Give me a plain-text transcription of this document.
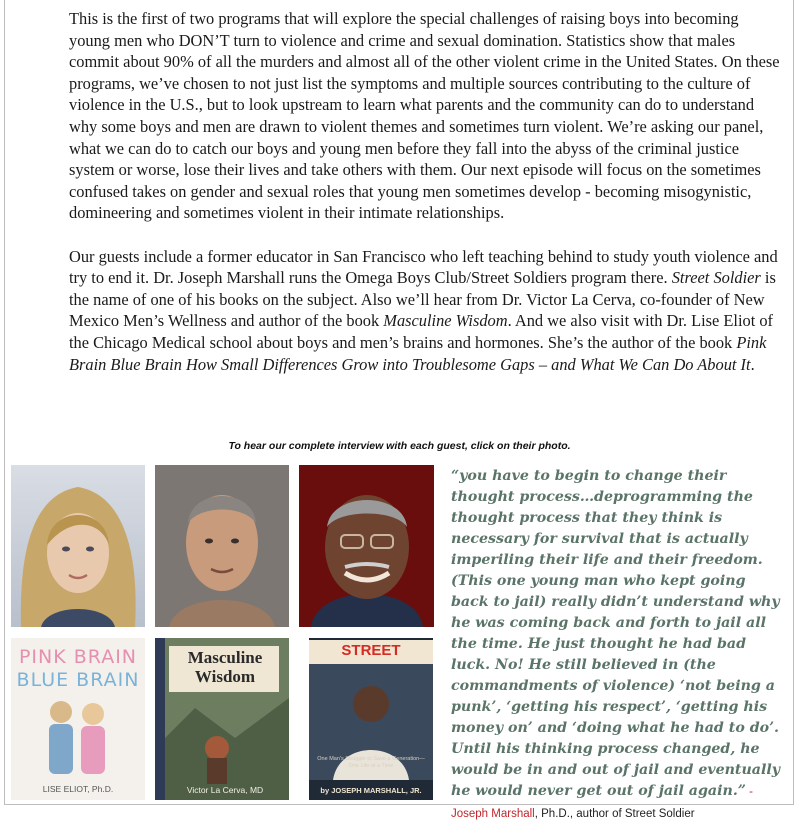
This is the first of two programs that will explore the special challenges of raising boys into becoming young men who DON’T turn to violence and crime and sexual domination. Statistics show that males commit about 90% of all the murders and almost all of the other violent crime in the United States. On these programs, we’ve chosen to not just list the symptoms and multiple sources contributing to the culture of violence in the U.S., but to look upstream to learn what parents and the community can do to understand why some boys and men are drawn to violent themes and sometimes turn violent. We’re asking our panel, what we can do to catch our boys and young men before they fall into the abyss of the criminal justice system or worse, lose their lives and take others with them. Our next episode will focus on the sometimes confused takes on gender and sexual roles that young men sometimes develop - becoming misogynistic, domineering and sometimes violent in their intimate relationships.

Our guests include a former educator in San Francisco who left teaching behind to study youth violence and try to end it. Dr. Joseph Marshall runs the Omega Boys Club/Street Soldiers program there. Street Soldier is the name of one of his books on the subject. Also we’ll hear from Dr. Victor La Cerva, co-founder of New Mexico Men’s Wellness and author of the book Masculine Wisdom. And we also visit with Dr. Lise Eliot of the Chicago Medical school about boys and men’s brains and hormones. She’s the author of the book Pink Brain Blue Brain How Small Differences Grow into Troublesome Gaps – and What We Can Do About It.

To hear our complete interview with each guest, click on their photo.
PINK BRAIN
BLUE BRAIN
LISE ELIOT, Ph.D.
Masculine
Wisdom
Victor La Cerva, MD
STREET
One Man's Struggle to Save a Generation— One Life at a Time
by JOSEPH MARSHALL, JR.
“you have to begin to change their thought process…deprogramming the thought process that they think is necessary for survival that is actually imperiling their life and their freedom. (This one young man who kept going back to jail) really didn’t understand why he was coming back and forth to jail all the time. He just thought he had bad luck. No! He still believed in (the commandments of violence) ‘not being a punk’, ‘getting his respect’, ‘getting his money on’ and ‘doing what he had to do’. Until his thinking process changed, he would be in and out of jail and eventually he would never get out of jail again.” - Joseph Marshall, Ph.D., author of Street Soldier
